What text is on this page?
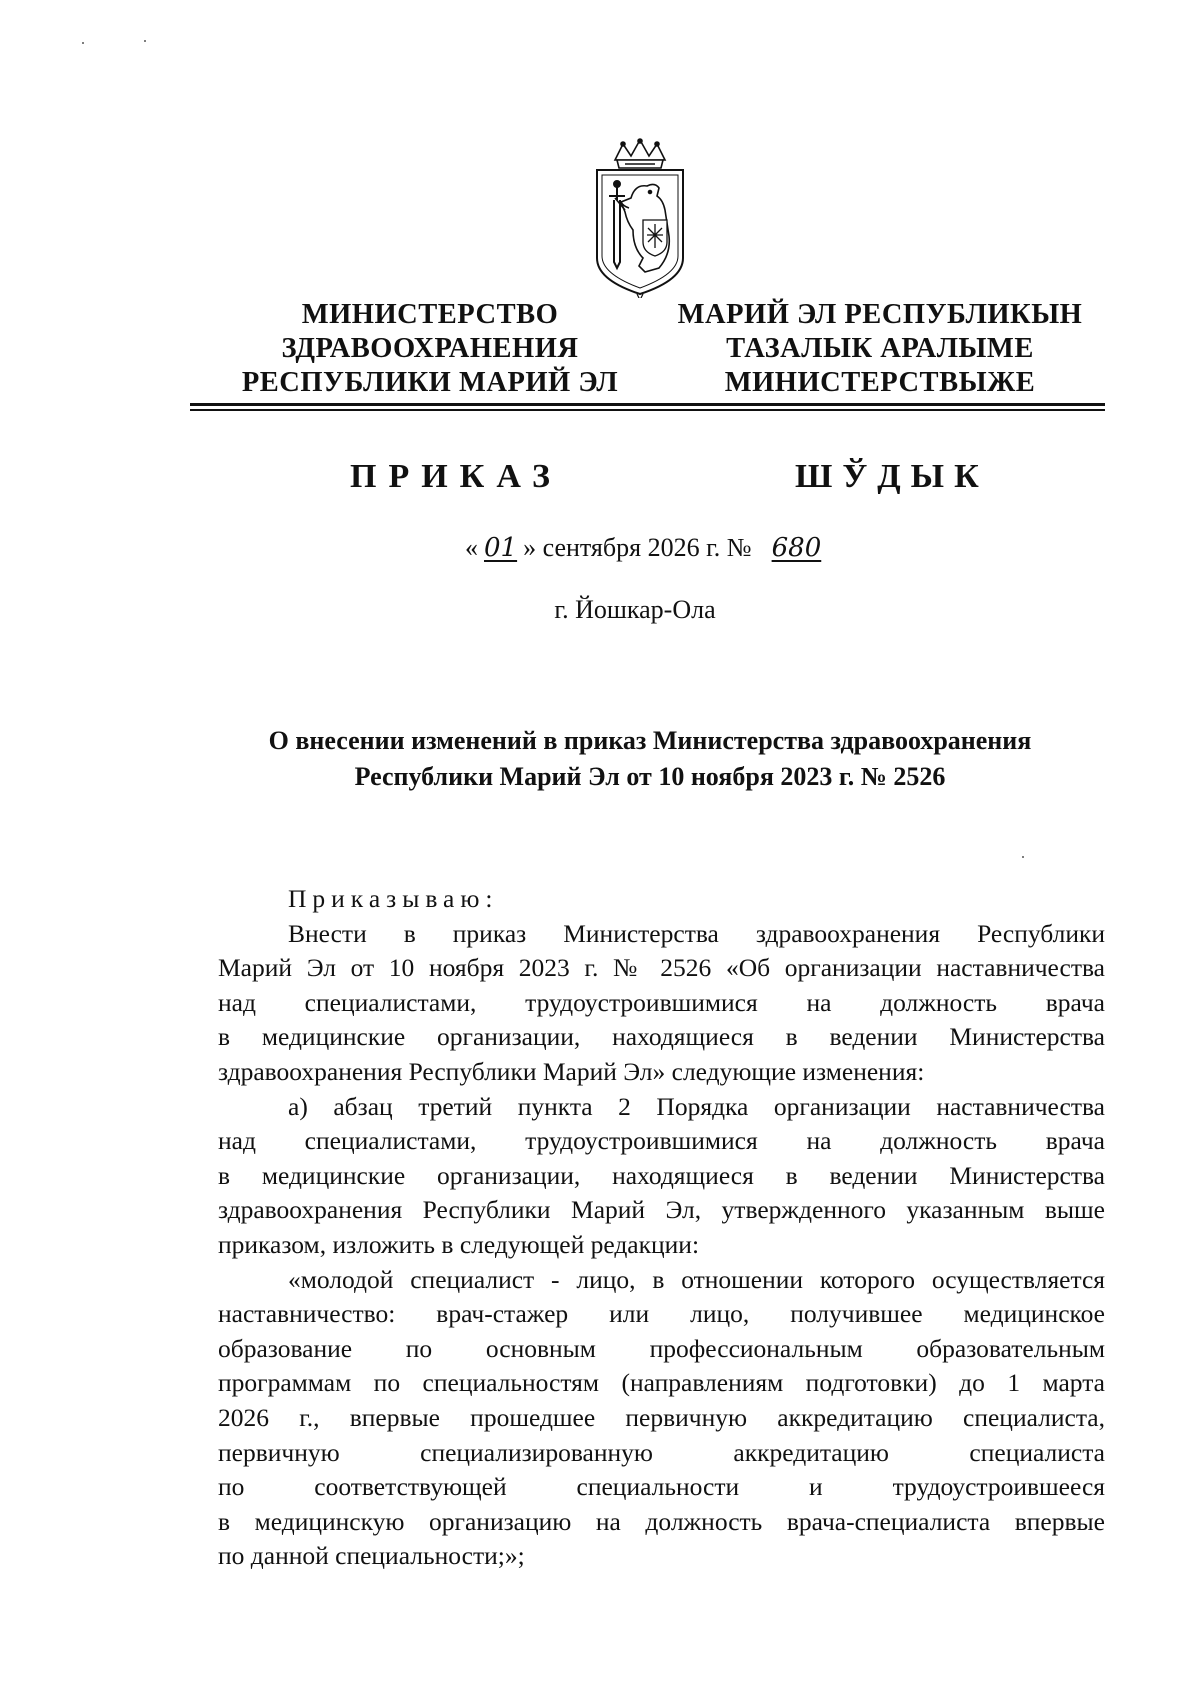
МИНИСТЕРСТВО
ЗДРАВООХРАНЕНИЯ
РЕСПУБЛИКИ МАРИЙ ЭЛ
МАРИЙ ЭЛ РЕСПУБЛИКЫН
ТАЗАЛЫК АРАЛЫМЕ
МИНИСТЕРСТВЫЖЕ
ПРИКАЗ	ШЎДЫК
« 01 » сентября 2026 г. № 680
г. Йошкар-Ола
О внесении изменений в приказ Министерства здравоохранения
Республики Марий Эл от 10 ноября 2023 г. № 2526
Приказываю:
Внести в приказ Министерства здравоохранения Республики
Марий Эл от 10 ноября 2023 г. № 2526 «Об организации наставничества
над специалистами, трудоустроившимися на должность врача
в медицинские организации, находящиеся в ведении Министерства
здравоохранения Республики Марий Эл» следующие изменения:
а) абзац третий пункта 2 Порядка организации наставничества
над специалистами, трудоустроившимися на должность врача
в медицинские организации, находящиеся в ведении Министерства
здравоохранения Республики Марий Эл, утвержденного указанным выше
приказом, изложить в следующей редакции:
«молодой специалист - лицо, в отношении которого осуществляется
наставничество: врач-стажер или лицо, получившее медицинское
образование по основным профессиональным образовательным
программам по специальностям (направлениям подготовки) до 1 марта
2026 г., впервые прошедшее первичную аккредитацию специалиста,
первичную специализированную аккредитацию специалиста
по соответствующей специальности и трудоустроившееся
в медицинскую организацию на должность врача-специалиста впервые
по данной специальности;»;
